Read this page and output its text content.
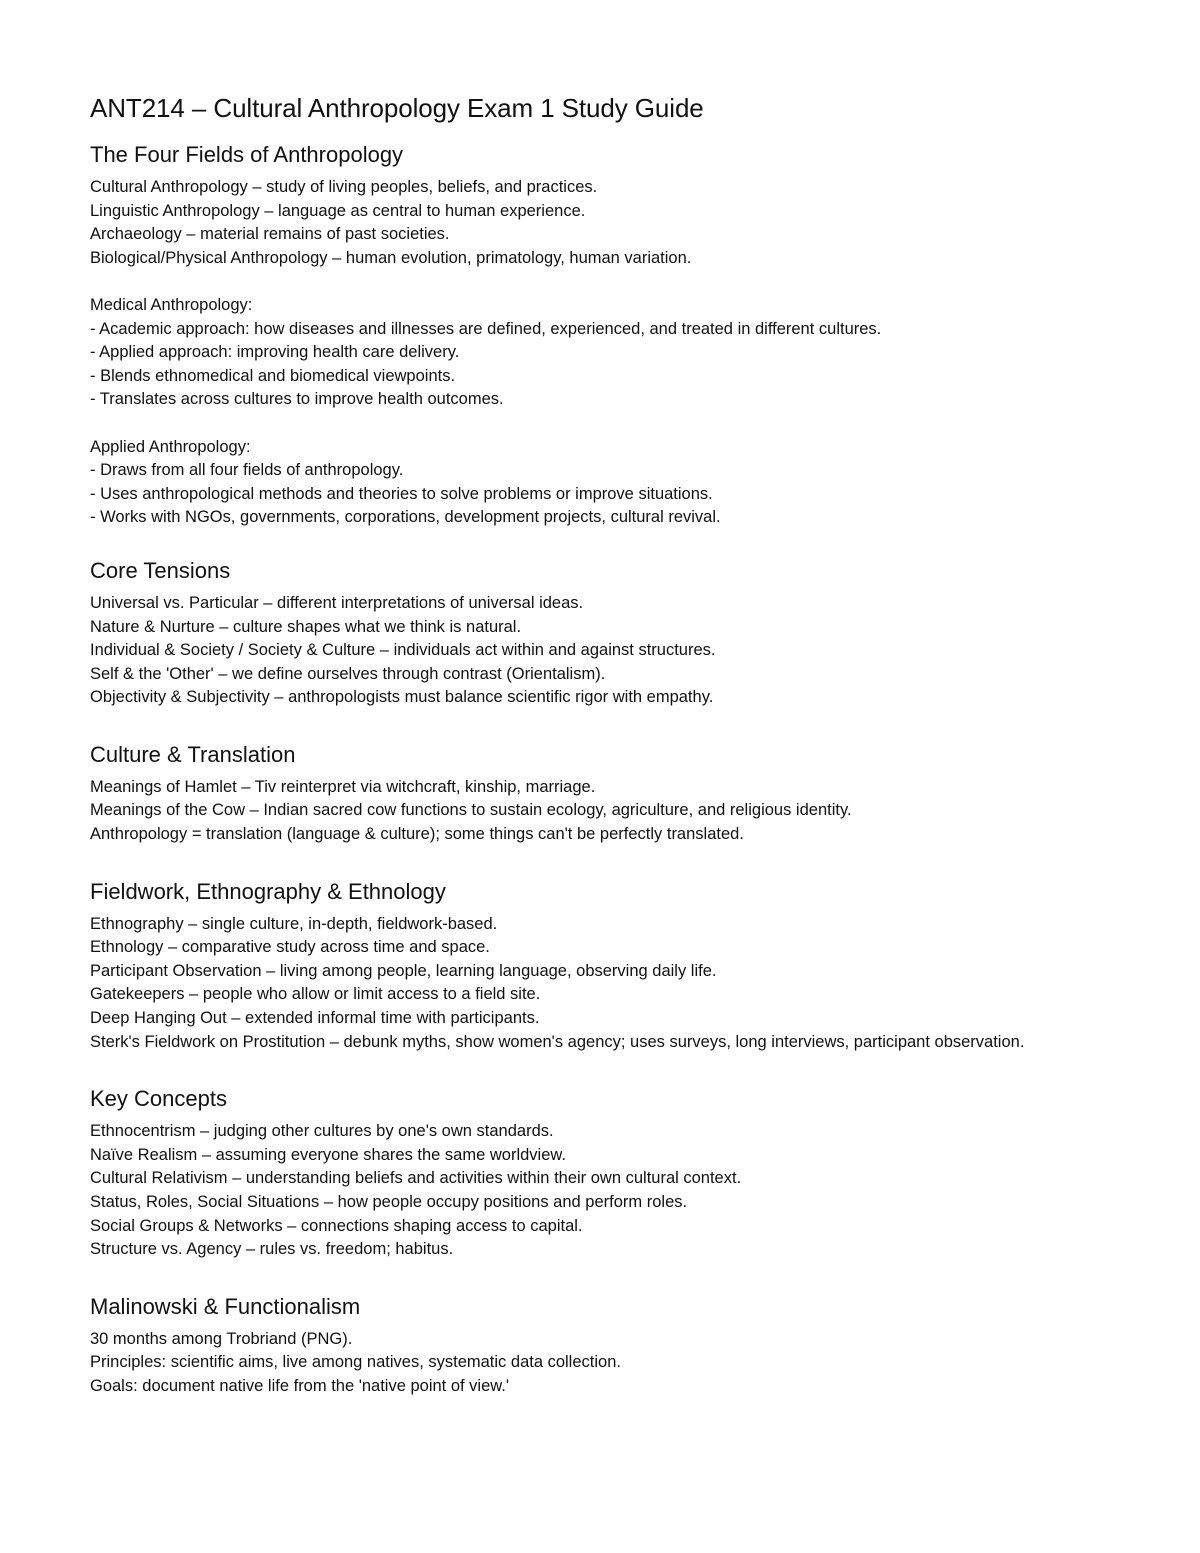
ANT214 – Cultural Anthropology Exam 1 Study Guide
The Four Fields of Anthropology

Cultural Anthropology – study of living peoples, beliefs, and practices.

Linguistic Anthropology – language as central to human experience.

Archaeology – material remains of past societies.

Biological/Physical Anthropology – human evolution, primatology, human variation.

Medical Anthropology:

- Academic approach: how diseases and illnesses are defined, experienced, and treated in different cultures.

- Applied approach: improving health care delivery.

- Blends ethnomedical and biomedical viewpoints.

- Translates across cultures to improve health outcomes.

Applied Anthropology:

- Draws from all four fields of anthropology.

- Uses anthropological methods and theories to solve problems or improve situations.

- Works with NGOs, governments, corporations, development projects, cultural revival.

Core Tensions

Universal vs. Particular – different interpretations of universal ideas.

Nature & Nurture – culture shapes what we think is natural.

Individual & Society / Society & Culture – individuals act within and against structures.

Self & the 'Other' – we define ourselves through contrast (Orientalism).

Objectivity & Subjectivity – anthropologists must balance scientific rigor with empathy.

Culture & Translation

Meanings of Hamlet – Tiv reinterpret via witchcraft, kinship, marriage.

Meanings of the Cow – Indian sacred cow functions to sustain ecology, agriculture, and religious identity.

Anthropology = translation (language & culture); some things can't be perfectly translated.

Fieldwork, Ethnography & Ethnology

Ethnography – single culture, in-depth, fieldwork-based.

Ethnology – comparative study across time and space.

Participant Observation – living among people, learning language, observing daily life.

Gatekeepers – people who allow or limit access to a field site.

Deep Hanging Out – extended informal time with participants.

Sterk's Fieldwork on Prostitution – debunk myths, show women's agency; uses surveys, long interviews, participant observation.

Key Concepts

Ethnocentrism – judging other cultures by one's own standards.

Naïve Realism – assuming everyone shares the same worldview.

Cultural Relativism – understanding beliefs and activities within their own cultural context.

Status, Roles, Social Situations – how people occupy positions and perform roles.

Social Groups & Networks – connections shaping access to capital.

Structure vs. Agency – rules vs. freedom; habitus.

Malinowski & Functionalism

30 months among Trobriand (PNG).

Principles: scientific aims, live among natives, systematic data collection.

Goals: document native life from the 'native point of view.'
